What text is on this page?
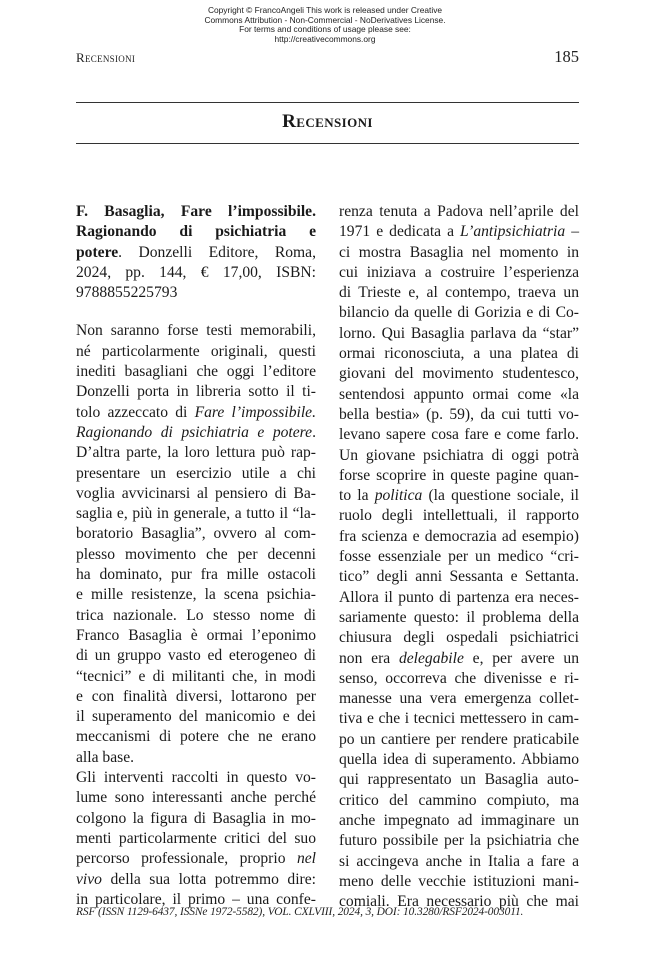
Copyright © FrancoAngeli This work is released under Creative
Commons Attribution - Non-Commercial - NoDerivatives License.
For terms and conditions of usage please see:
http://creativecommons.org
Recensioni	185
Recensioni
F. Basaglia, Fare l’impossibile.
Ragionando di psichiatria e
potere. Donzelli Editore, Roma,
2024, pp. 144, € 17,00, ISBN:
9788855225793
Non saranno forse testi memorabili,
né particolarmente originali, questi
inediti basagliani che oggi l’editore
Donzelli porta in libreria sotto il ti-
tolo azzeccato di Fare l’impossibile.
Ragionando di psichiatria e potere.
D’altra parte, la loro lettura può rap-
presentare un esercizio utile a chi
voglia avvicinarsi al pensiero di Ba-
saglia e, più in generale, a tutto il “la-
boratorio Basaglia”, ovvero al com-
plesso movimento che per decenni
ha dominato, pur fra mille ostacoli
e mille resistenze, la scena psichia-
trica nazionale. Lo stesso nome di
Franco Basaglia è ormai l’eponimo
di un gruppo vasto ed eterogeneo di
“tecnici” e di militanti che, in modi
e con finalità diversi, lottarono per
il superamento del manicomio e dei
meccanismi di potere che ne erano
alla base.
Gli interventi raccolti in questo vo-
lume sono interessanti anche perché
colgono la figura di Basaglia in mo-
menti particolarmente critici del suo
percorso professionale, proprio nel
vivo della sua lotta potremmo dire:
in particolare, il primo – una confe-
renza tenuta a Padova nell’aprile del
1971 e dedicata a L’antipsichiatria –
ci mostra Basaglia nel momento in
cui iniziava a costruire l’esperienza
di Trieste e, al contempo, traeva un
bilancio da quelle di Gorizia e di Co-
lorno. Qui Basaglia parlava da “star”
ormai riconosciuta, a una platea di
giovani del movimento studentesco,
sentendosi appunto ormai come «la
bella bestia» (p. 59), da cui tutti vo-
levano sapere cosa fare e come farlo.
Un giovane psichiatra di oggi potrà
forse scoprire in queste pagine quan-
to la politica (la questione sociale, il
ruolo degli intellettuali, il rapporto
fra scienza e democrazia ad esempio)
fosse essenziale per un medico “cri-
tico” degli anni Sessanta e Settanta.
Allora il punto di partenza era neces-
sariamente questo: il problema della
chiusura degli ospedali psichiatrici
non era delegabile e, per avere un
senso, occorreva che divenisse e ri-
manesse una vera emergenza collet-
tiva e che i tecnici mettessero in cam-
po un cantiere per rendere praticabile
quella idea di superamento. Abbiamo
qui rappresentato un Basaglia auto-
critico del cammino compiuto, ma
anche impegnato ad immaginare un
futuro possibile per la psichiatria che
si accingeva anche in Italia a fare a
meno delle vecchie istituzioni mani-
comiali. Era necessario più che mai
RSF (ISSN 1129-6437, ISSNe 1972-5582), VOL. CXLVIII, 2024, 3, DOI: 10.3280/RSF2024-003011.
